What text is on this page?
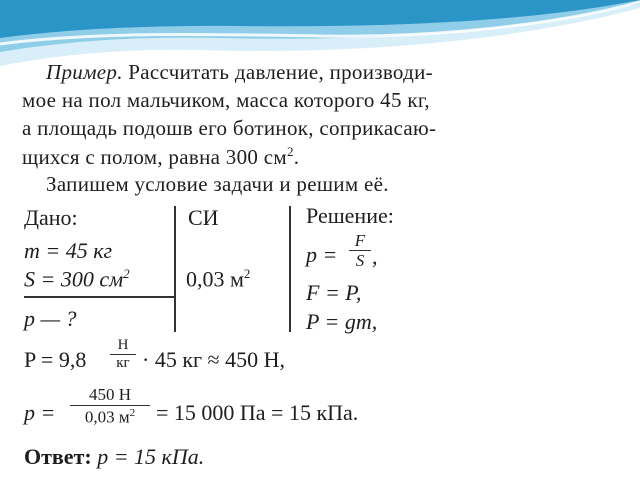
Пример. Рассчитать давление, производи-
мое на пол мальчиком, масса которого 45 кг,
а площадь подошв его ботинок, соприкасаю-
щихся с полом, равна 300 $см^2$.
Запишем условие задачи и решим её.
Дано:	СИ	Решение:
m = 45 кг
S = 300 $см^2$
p — ?
0,03 $м^2$
p =
F
S ,
F = P,
P = gm,
P = 9,8
Н
кг · 45 кг ≈ 450 Н,
p =
450 Н
0,03 $м^2 = 15$ 000 Па = 15 кПа.
Ответ: p = 15 кПа.
